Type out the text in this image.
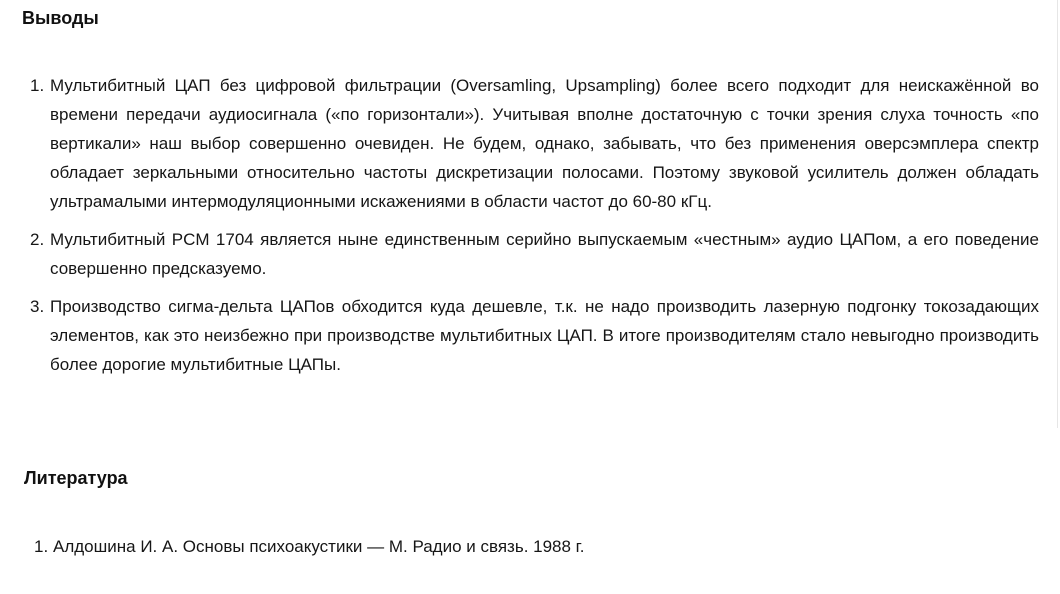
Выводы
1. Мультибитный ЦАП без цифровой фильтрации (Oversamling, Upsampling) более всего подходит для неискажённой во времени передачи аудиосигнала («по горизонтали»). Учитывая вполне достаточную с точки зрения слуха точность «по вертикали» наш выбор совершенно очевиден. Не будем, однако, забывать, что без применения оверсэмплера спектр обладает зеркальными относительно частоты дискретизации полосами. Поэтому звуковой усилитель должен обладать ультрамалыми интермодуляционными искажениями в области частот до 60-80 кГц.
2. Мультибитный PCM 1704 является ныне единственным серийно выпускаемым «честным» аудио ЦАПом, а его поведение совершенно предсказуемо.
3. Производство сигма-дельта ЦАПов обходится куда дешевле, т.к. не надо производить лазерную подгонку токозадающих элементов, как это неизбежно при производстве мультибитных ЦАП. В итоге производителям стало невыгодно производить более дорогие мультибитные ЦАПы.
Литература
1. Алдошина И. А. Основы психоакустики — М. Радио и связь. 1988 г.
